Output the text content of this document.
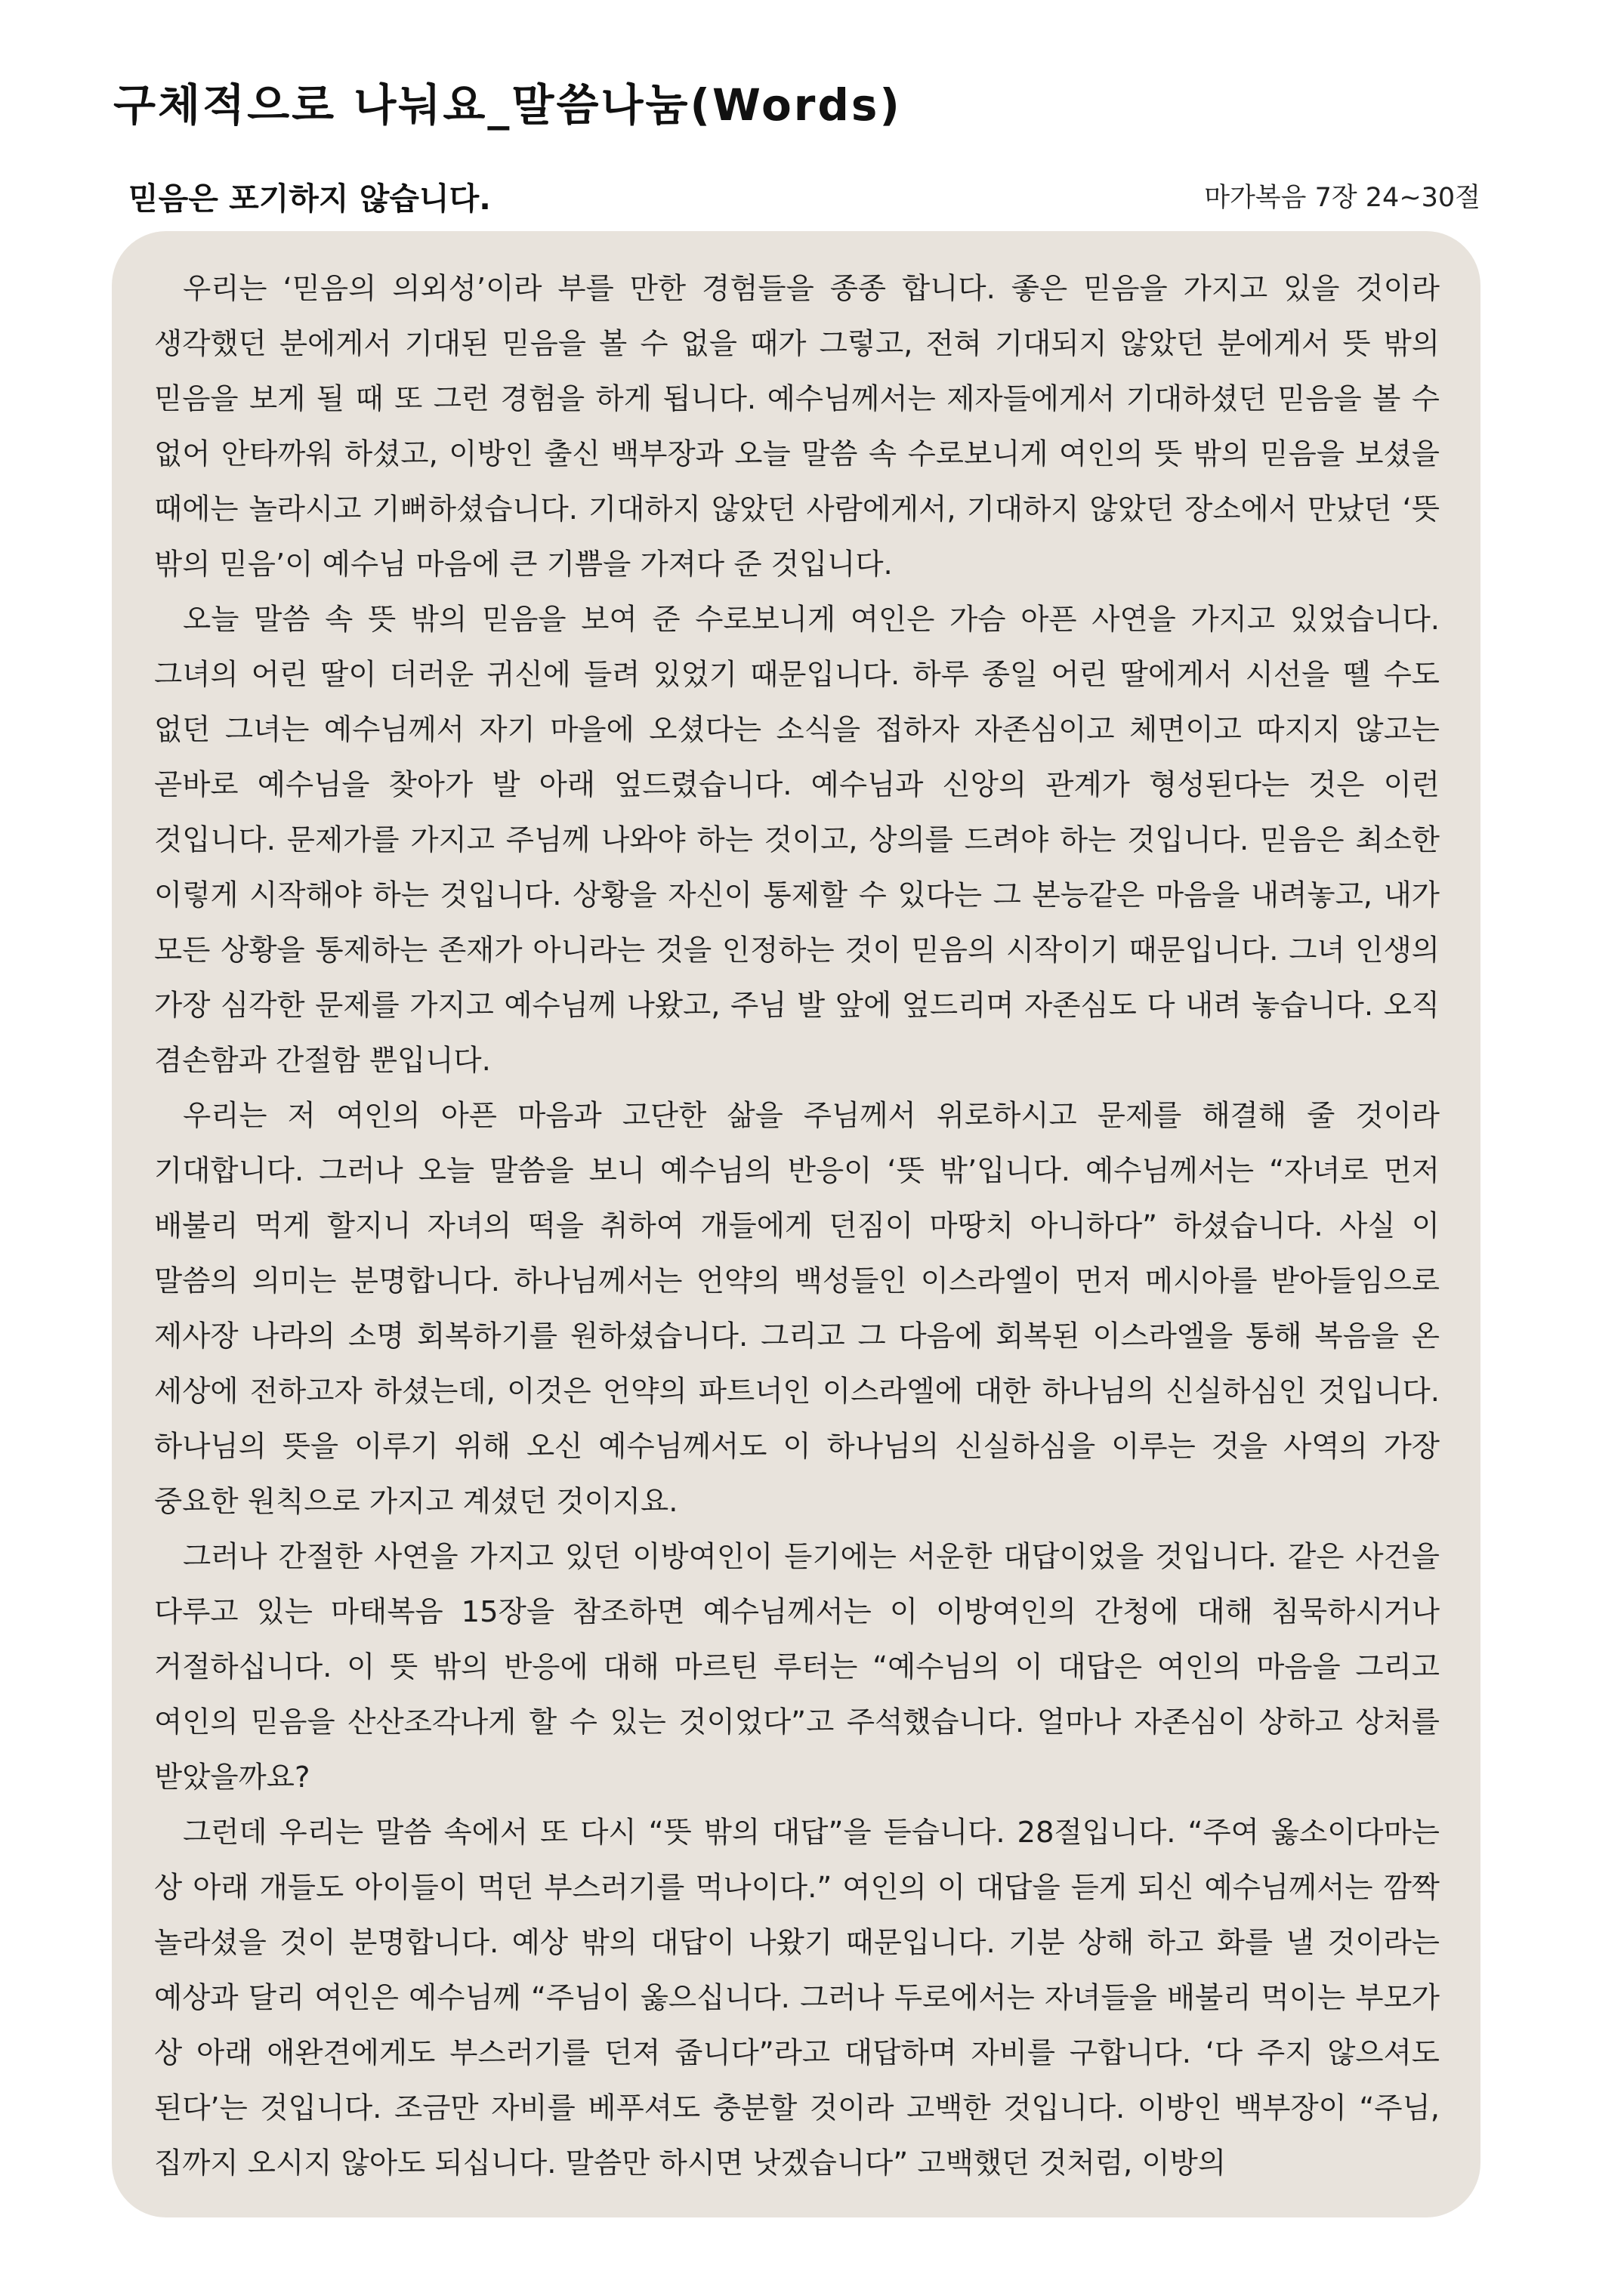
구체적으로 나눠요_말씀나눔(Words)
믿음은 포기하지 않습니다.	마가복음 7장 24~30절

우리는 ‘믿음의 의외성’이라 부를 만한 경험들을 종종 합니다. 좋은 믿음을 가지고 있을 것이라 생각했던 분에게서 기대된 믿음을 볼 수 없을 때가 그렇고, 전혀 기대되지 않았던 분에게서 뜻 밖의 믿음을 보게 될 때 또 그런 경험을 하게 됩니다. 예수님께서는 제자들에게서 기대하셨던 믿음을 볼 수 없어 안타까워 하셨고, 이방인 출신 백부장과 오늘 말씀 속 수로보니게 여인의 뜻 밖의 믿음을 보셨을 때에는 놀라시고 기뻐하셨습니다. 기대하지 않았던 사람에게서, 기대하지 않았던 장소에서 만났던 ‘뜻 밖의 믿음’이 예수님 마음에 큰 기쁨을 가져다 준 것입니다.

오늘 말씀 속 뜻 밖의 믿음을 보여 준 수로보니게 여인은 가슴 아픈 사연을 가지고 있었습니다. 그녀의 어린 딸이 더러운 귀신에 들려 있었기 때문입니다. 하루 종일 어린 딸에게서 시선을 뗄 수도 없던 그녀는 예수님께서 자기 마을에 오셨다는 소식을 접하자 자존심이고 체면이고 따지지 않고는 곧바로 예수님을 찾아가 발 아래 엎드렸습니다. 예수님과 신앙의 관계가 형성된다는 것은 이런 것입니다. 문제가를 가지고 주님께 나와야 하는 것이고, 상의를 드려야 하는 것입니다. 믿음은 최소한 이렇게 시작해야 하는 것입니다. 상황을 자신이 통제할 수 있다는 그 본능같은 마음을 내려놓고, 내가 모든 상황을 통제하는 존재가 아니라는 것을 인정하는 것이 믿음의 시작이기 때문입니다. 그녀 인생의 가장 심각한 문제를 가지고 예수님께 나왔고, 주님 발 앞에 엎드리며 자존심도 다 내려 놓습니다. 오직 겸손함과 간절함 뿐입니다.

우리는 저 여인의 아픈 마음과 고단한 삶을 주님께서 위로하시고 문제를 해결해 줄 것이라 기대합니다. 그러나 오늘 말씀을 보니 예수님의 반응이 ‘뜻 밖’입니다. 예수님께서는 “자녀로 먼저 배불리 먹게 할지니 자녀의 떡을 취하여 개들에게 던짐이 마땅치 아니하다” 하셨습니다. 사실 이 말씀의 의미는 분명합니다. 하나님께서는 언약의 백성들인 이스라엘이 먼저 메시아를 받아들임으로 제사장 나라의 소명 회복하기를 원하셨습니다. 그리고 그 다음에 회복된 이스라엘을 통해 복음을 온 세상에 전하고자 하셨는데, 이것은 언약의 파트너인 이스라엘에 대한 하나님의 신실하심인 것입니다. 하나님의 뜻을 이루기 위해 오신 예수님께서도 이 하나님의 신실하심을 이루는 것을 사역의 가장 중요한 원칙으로 가지고 계셨던 것이지요.

그러나 간절한 사연을 가지고 있던 이방여인이 듣기에는 서운한 대답이었을 것입니다. 같은 사건을 다루고 있는 마태복음 15장을 참조하면 예수님께서는 이 이방여인의 간청에 대해 침묵하시거나 거절하십니다. 이 뜻 밖의 반응에 대해 마르틴 루터는 “예수님의 이 대답은 여인의 마음을 그리고 여인의 믿음을 산산조각나게 할 수 있는 것이었다”고 주석했습니다. 얼마나 자존심이 상하고 상처를 받았을까요?

그런데 우리는 말씀 속에서 또 다시 “뜻 밖의 대답”을 듣습니다. 28절입니다. “주여 옳소이다마는 상 아래 개들도 아이들이 먹던 부스러기를 먹나이다.” 여인의 이 대답을 듣게 되신 예수님께서는 깜짝 놀라셨을 것이 분명합니다. 예상 밖의 대답이 나왔기 때문입니다. 기분 상해 하고 화를 낼 것이라는 예상과 달리 여인은 예수님께 “주님이 옳으십니다. 그러나 두로에서는 자녀들을 배불리 먹이는 부모가 상 아래 애완견에게도 부스러기를 던져 줍니다”라고 대답하며 자비를 구합니다. ‘다 주지 않으셔도 된다’는 것입니다. 조금만 자비를 베푸셔도 충분할 것이라 고백한 것입니다. 이방인 백부장이 “주님, 집까지 오시지 않아도 되십니다. 말씀만 하시면 낫겠습니다” 고백했던 것처럼, 이방의
